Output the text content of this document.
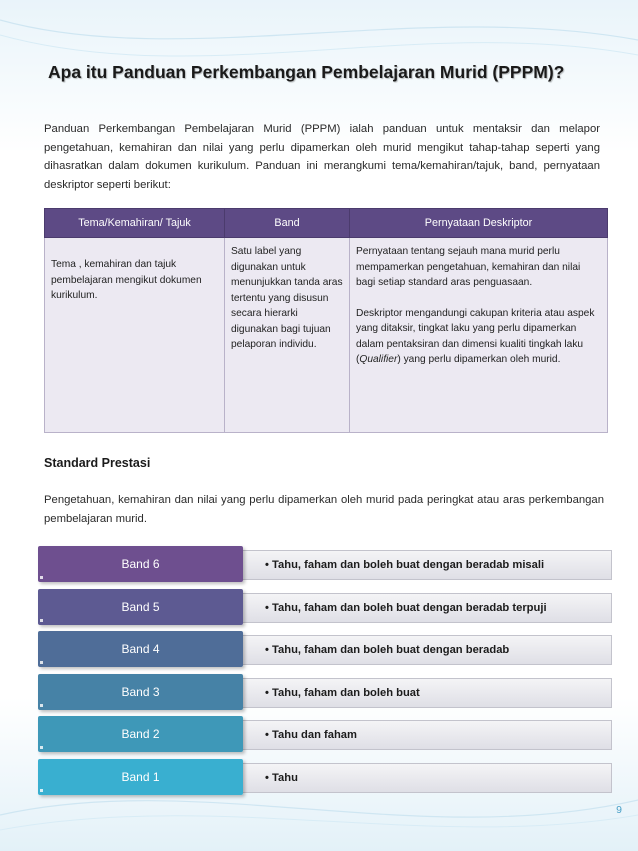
Apa itu Panduan Perkembangan Pembelajaran Murid (PPPM)?
Panduan Perkembangan Pembelajaran Murid (PPPM) ialah panduan untuk mentaksir dan melapor pengetahuan, kemahiran dan nilai yang perlu dipamerkan oleh murid mengikut tahap-tahap seperti yang dihasratkan dalam dokumen kurikulum. Panduan ini merangkumi tema/kemahiran/tajuk, band, pernyataan deskriptor seperti berikut:
Tema/Kemahiran/ Tajuk	Band	Pernyataan Deskriptor
Tema , kemahiran dan tajuk pembelajaran mengikut dokumen kurikulum.	Satu label yang digunakan untuk menunjukkan tanda aras tertentu yang disusun secara hierarki digunakan bagi tujuan pelaporan individu.	Pernyataan tentang sejauh mana murid perlu mempamerkan pengetahuan, kemahiran dan nilai bagi setiap standard aras penguasaan.

Deskriptor mengandungi cakupan kriteria atau aspek yang ditaksir, tingkat laku yang perlu dipamerkan dalam pentaksiran dan dimensi kualiti tingkah laku (Qualifier) yang perlu dipamerkan oleh murid.

Standard Prestasi
Pengetahuan, kemahiran dan nilai yang perlu dipamerkan oleh murid pada peringkat atau aras perkembangan pembelajaran murid.
Band 6	• Tahu, faham dan boleh buat dengan beradab misali
Band 5	• Tahu, faham dan boleh buat dengan beradab terpuji
Band 4	• Tahu, faham dan boleh buat dengan beradab
Band 3	• Tahu, faham dan boleh buat
Band 2	• Tahu dan faham
Band 1	• Tahu
9
